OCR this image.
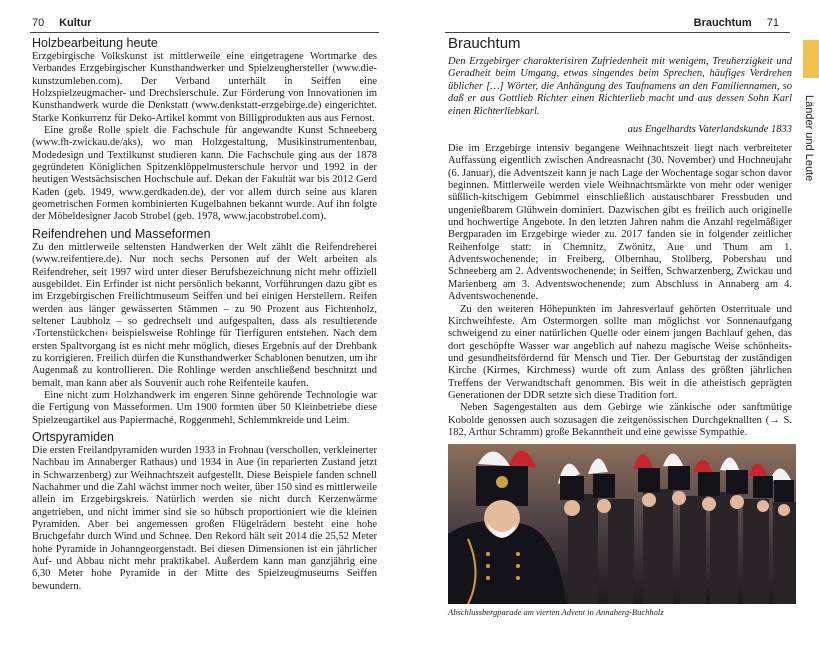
70 Kultur
Holzbearbeitung heute

Erzgebirgische Volkskunst ist mittlerweile eine eingetragene Wortmarke des Verbandes Erzgebirgischer Kunsthandwerker und Spielzeughersteller (www.die-kunstzumleben.com). Der Verband unterhält in Seiffen eine Holzspielzeugmacher- und Drechslerschule. Zur Förderung von Innovationen im Kunsthandwerk wurde die Denkstatt (www.denkstatt-erzgebirge.de) eingerichtet. Starke Konkurrenz für Deko-Artikel kommt von Billigprodukten aus aus Fernost.

Eine große Rolle spielt die Fachschule für angewandte Kunst Schneeberg (www.fh-zwickau.de/aks), wo man Holzgestaltung, Musikinstrumentenbau, Modedesign und Textilkunst studieren kann. Die Fachschule ging aus der 1878 gegründeten Königlichen Spitzenklöppelmusterschule hervor und 1992 in der heutigen Westsächsischen Hochschule auf. Dekan der Fakultät war bis 2012 Gerd Kaden (geb. 1949, www.gerdkaden.de), der vor allem durch seine aus klaren geometrischen Formen kombinierten Kugelbahnen bekannt wurde. Auf ihn folgte der Möbeldesigner Jacob Strobel (geb. 1978, www.jacobstrobel.com).

Reifendrehen und Masseformen

Zu den mittlerweile seltensten Handwerken der Welt zählt die Reifendreherei (www.reifentiere.de). Nur noch sechs Personen auf der Welt arbeiten als Reifendreher, seit 1997 wird unter dieser Berufsbezeichnung nicht mehr offiziell ausgebildet. Ein Erfinder ist nicht persönlich bekannt, Vorführungen dazu gibt es im Erzgebirgischen Freilichtmuseum Seiffen und bei einigen Herstellern. Reifen werden aus länger gewässerten Stämmen – zu 90 Prozent aus Fichtenholz, seltener Laubholz – so gedrechselt und aufgespalten, dass als resultierende ›Tortenstückchen‹ beispielsweise Rohlinge für Tierfiguren entstehen. Nach dem ersten Spaltvorgang ist es nicht mehr möglich, dieses Ergebnis auf der Drehbank zu korrigieren. Freilich dürfen die Kunsthandwerker Schablonen benutzen, um ihr Augenmaß zu kontrollieren. Die Rohlinge werden anschließend beschnitzt und bemalt, man kann aber als Souvenir auch rohe Reifenteile kaufen.

Eine nicht zum Holzhandwerk im engeren Sinne gehörende Technologie war die Fertigung von Masseformen. Um 1900 formten über 50 Kleinbetriebe diese Spielzeugartikel aus Papiermaché, Roggenmehl, Schlemmkreide und Leim.

Ortspyramiden

Die ersten Freilandpyramiden wurden 1933 in Frohnau (verschollen, verkleinerter Nachbau im Annaberger Rathaus) und 1934 in Aue (in reparierten Zustand jetzt in Schwarzenberg) zur Weihnachtszeit aufgestellt. Diese Beispiele fanden schnell Nachahmer und die Zahl wächst immer noch weiter, über 150 sind es mittlerweile allein im Erzgebirgskreis. Natürlich werden sie nicht durch Kerzenwärme angetrieben, und nicht immer sind sie so hübsch proportioniert wie die kleinen Pyramiden. Aber bei angemessen großen Flügelrädern besteht eine hohe Bruchgefahr durch Wind und Schnee. Den Rekord hält seit 2014 die 25,52 Meter hohe Pyramide in Johanngeorgenstadt. Bei diesen Dimensionen ist ein jährlicher Auf- und Abbau nicht mehr praktikabel. Außerdem kann man ganzjährig eine 6,30 Meter hohe Pyramide in der Mitte des Spielzeugmuseums Seiffen bewundern.

Brauchtum 71
Brauchtum

Den Erzgebirger charakterisiren Zufriedenheit mit wenigem, Treuherzigkeit und Geradheit beim Umgang, etwas singendes beim Sprechen, häufiges Verdrehen üblicher […] Wörter, die Anhängung des Taufnamens an den Familiennamen, so daß er aus Gottlieb Richter einen Richterlieb macht und aus dessen Sohn Karl einen Richterliebkarl.

aus Engelhardts Vaterlandskunde 1833

Die im Erzgebirge intensiv begangene Weihnachtszeit liegt nach verbreiteter Auffassung eigentlich zwischen Andreasnacht (30. November) und Hochneujahr (6. Januar), die Adventszeit kann je nach Lage der Wochentage sogar schon davor beginnen. Mittlerweile werden viele Weihnachtsmärkte von mehr oder weniger süßlich-kitschigem Gebimmel einschließlich austauschbarer Fressbuden und ungenießbarem Glühwein dominiert. Dazwischen gibt es freilich auch originelle und hochwertige Angebote. In den letzten Jahren nahm die Anzahl regelmäßiger Bergparaden im Erzgebirge wieder zu. 2017 fanden sie in folgender zeitlicher Reihenfolge statt: in Chemnitz, Zwönitz, Aue und Thum am 1. Adventswochenende; in Freiberg, Olbernhau, Stollberg, Pobershau und Schneeberg am 2. Adventswochenende; in Seiffen, Schwarzenberg, Zwickau und Marienberg am 3. Adventswochenende; zum Abschluss in Annaberg am 4. Adventswochenende.

Zu den weiteren Höhepunkten im Jahresverlauf gehörten Osterrituale und Kirchweihfeste. Am Ostermorgen sollte man möglichst vor Sonnenaufgang schweigend zu einer natürlichen Quelle oder einem jungen Bachlauf gehen, das dort geschöpfte Wasser war angeblich auf nahezu magische Weise schönheits- und gesundheitsfördernd für Mensch und Tier. Der Geburtstag der zuständigen Kirche (Kirmes, Kirchmess) wurde oft zum Anlass des größten jährlichen Treffens der Verwandtschaft genommen. Bis weit in die atheistisch geprägten Generationen der DDR setzte sich diese Tradition fort.

Neben Sagengestalten aus dem Gebirge wie zänkische oder sanftmütige Kobolde genossen auch sozusagen die zeitgenössischen Durchgeknallten (→ S. 182, Arthur Schramm) große Bekanntheit und eine gewisse Sympathie.

Abschlussbergparade am vierten Advent in Annaberg-Buchholz
Länder und Leute
